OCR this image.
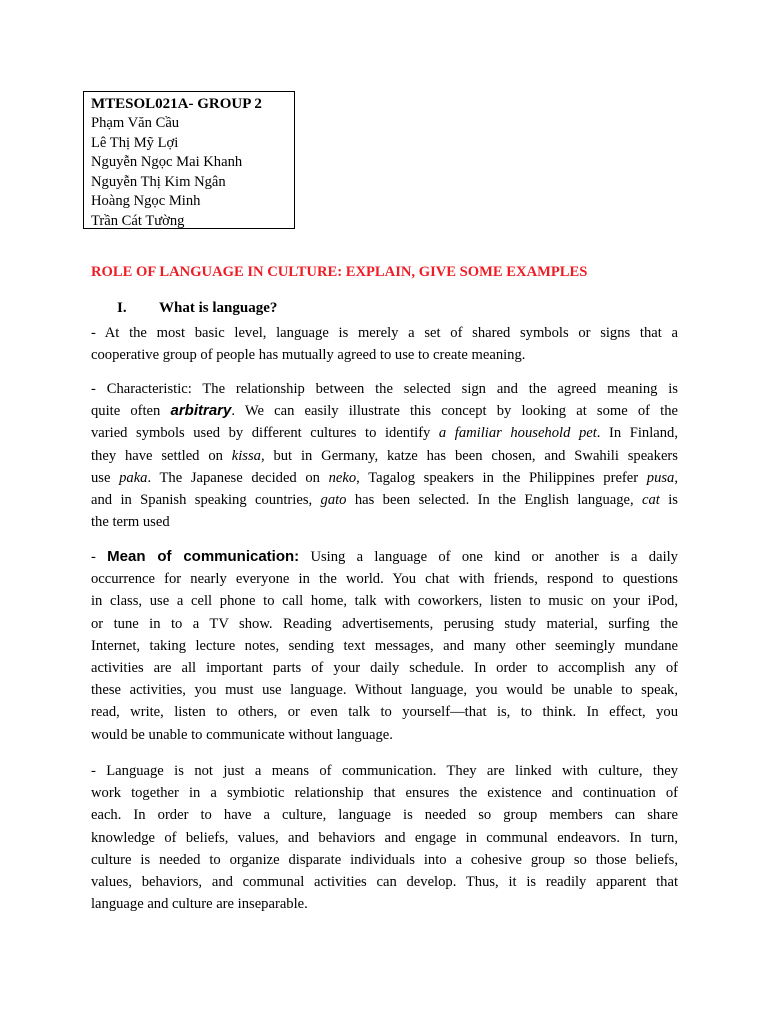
MTESOL021A- GROUP 2
Phạm Văn Cầu
Lê Thị Mỹ Lợi
Nguyễn Ngọc Mai Khanh
Nguyễn Thị Kim Ngân
Hoàng Ngọc Minh
Trần Cát Tường
ROLE OF LANGUAGE IN CULTURE: EXPLAIN, GIVE SOME EXAMPLES
I. What is language?
- At the most basic level, language is merely a set of shared symbols or signs that a
cooperative group of people has mutually agreed to use to create meaning.
- Characteristic: The relationship between the selected sign and the agreed meaning is
quite often arbitrary. We can easily illustrate this concept by looking at some of the
varied symbols used by different cultures to identify a familiar household pet. In Finland,
they have settled on kissa, but in Germany, katze has been chosen, and Swahili speakers
use paka. The Japanese decided on neko, Tagalog speakers in the Philippines prefer pusa,
and in Spanish speaking countries, gato has been selected. In the English language, cat is
the term used
- Mean of communication: Using a language of one kind or another is a daily
occurrence for nearly everyone in the world. You chat with friends, respond to questions
in class, use a cell phone to call home, talk with coworkers, listen to music on your iPod,
or tune in to a TV show. Reading advertisements, perusing study material, surfing the
Internet, taking lecture notes, sending text messages, and many other seemingly mundane
activities are all important parts of your daily schedule. In order to accomplish any of
these activities, you must use language. Without language, you would be unable to speak,
read, write, listen to others, or even talk to yourself—that is, to think. In effect, you
would be unable to communicate without language.
- Language is not just a means of communication. They are linked with culture, they
work together in a symbiotic relationship that ensures the existence and continuation of
each. In order to have a culture, language is needed so group members can share
knowledge of beliefs, values, and behaviors and engage in communal endeavors. In turn,
culture is needed to organize disparate individuals into a cohesive group so those beliefs,
values, behaviors, and communal activities can develop. Thus, it is readily apparent that
language and culture are inseparable.
